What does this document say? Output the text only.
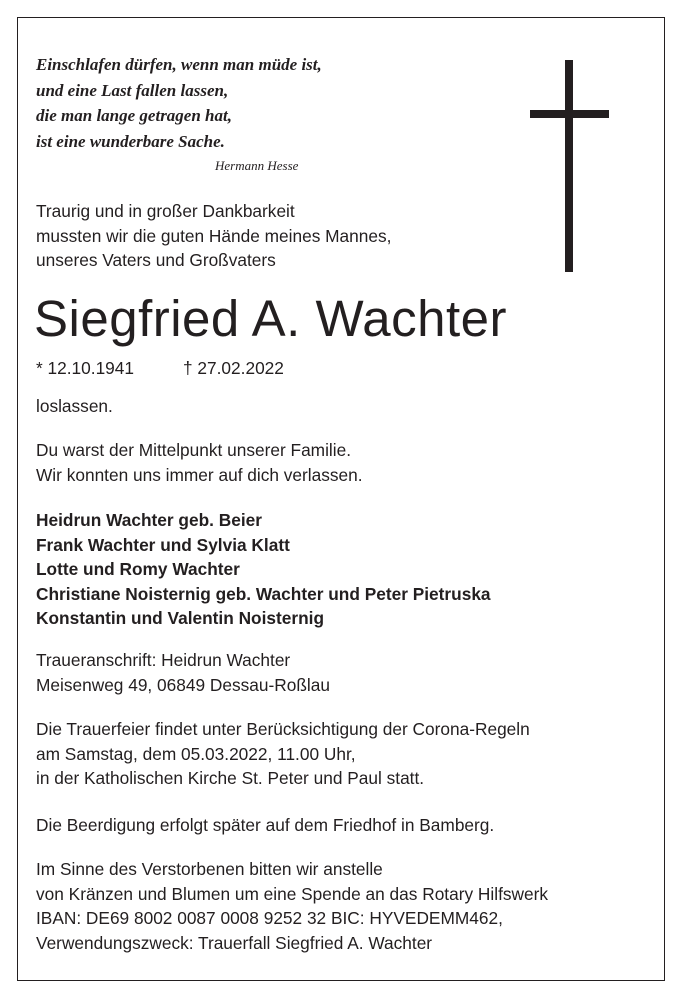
Einschlafen dürfen, wenn man müde ist,
und eine Last fallen lassen,
die man lange getragen hat,
ist eine wunderbare Sache.
Hermann Hesse
Traurig und in großer Dankbarkeit
mussten wir die guten Hände meines Mannes,
unseres Vaters und Großvaters
Siegfried A. Wachter
* 12.10.1941	† 27.02.2022
loslassen.
Du warst der Mittelpunkt unserer Familie.
Wir konnten uns immer auf dich verlassen.
Heidrun Wachter geb. Beier
Frank Wachter und Sylvia Klatt
Lotte und Romy Wachter
Christiane Noisternig geb. Wachter und Peter Pietruska
Konstantin und Valentin Noisternig
Traueranschrift: Heidrun Wachter
Meisenweg 49, 06849 Dessau-Roßlau
Die Trauerfeier findet unter Berücksichtigung der Corona-Regeln
am Samstag, dem 05.03.2022, 11.00 Uhr,
in der Katholischen Kirche St. Peter und Paul statt.
Die Beerdigung erfolgt später auf dem Friedhof in Bamberg.
Im Sinne des Verstorbenen bitten wir anstelle
von Kränzen und Blumen um eine Spende an das Rotary Hilfswerk
IBAN: DE69 8002 0087 0008 9252 32 BIC: HYVEDEMM462,
Verwendungszweck: Trauerfall Siegfried A. Wachter
